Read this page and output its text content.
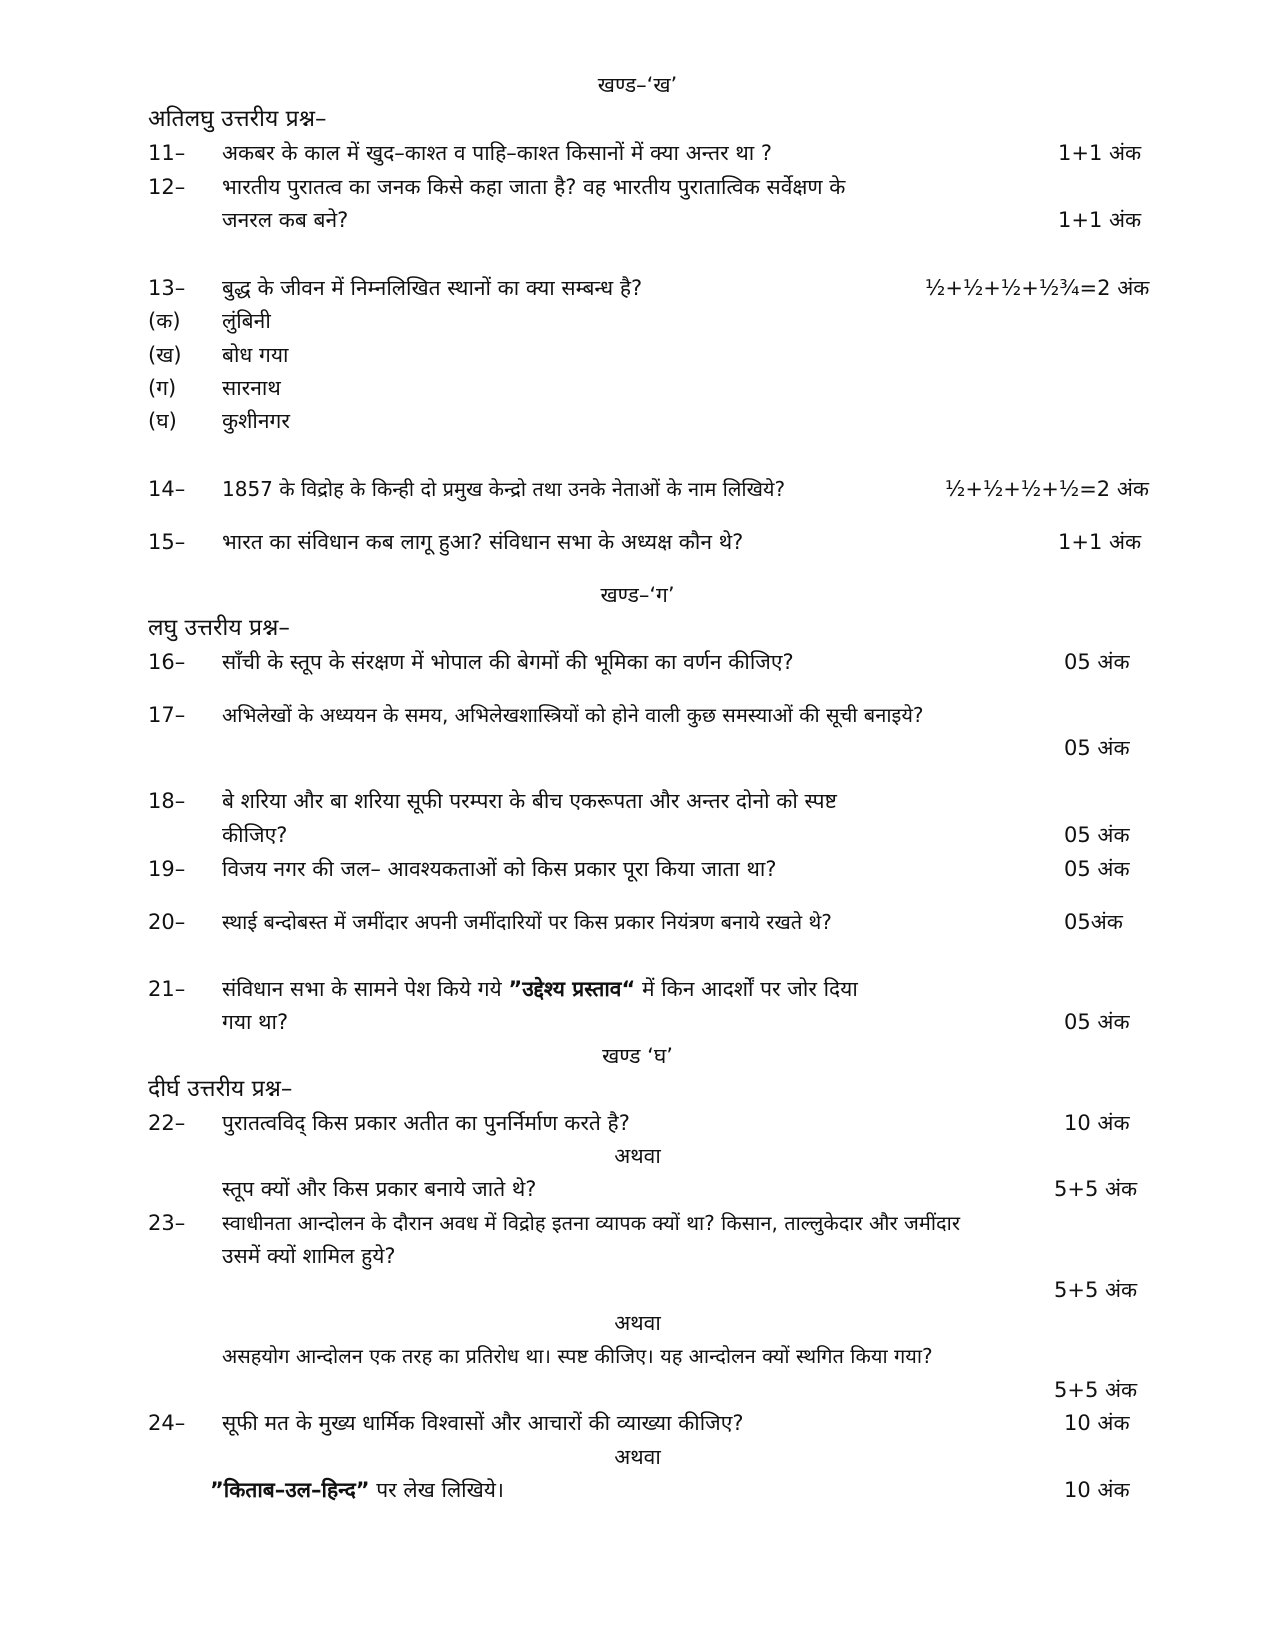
खण्ड–‘ख’
अतिलघु उत्तरीय प्रश्न–
11– अकबर के काल में खुद–काश्त व पाहि–काश्त किसानों में क्या अन्तर था ?	1+1 अंक
12– भारतीय पुरातत्व का जनक किसे कहा जाता है? वह भारतीय पुरातात्विक सर्वेक्षण के
जनरल कब बने?	1+1 अंक
13– बुद्ध के जीवन में निम्नलिखित स्थानों का क्या सम्बन्ध है?	½+½+½+½¾=2 अंक
(क) लुंबिनी
(ख) बोध गया
(ग) सारनाथ
(घ) कुशीनगर
14– 1857 के विद्रोह के किन्ही दो प्रमुख केन्द्रो तथा उनके नेताओं के नाम लिखिये?	½+½+½+½=2 अंक
15– भारत का संविधान कब लागू हुआ? संविधान सभा के अध्यक्ष कौन थे?	1+1 अंक
खण्ड–‘ग’
लघु उत्तरीय प्रश्न–
16– साँची के स्तूप के संरक्षण में भोपाल की बेगमों की भूमिका का वर्णन कीजिए?	05 अंक
17– अभिलेखों के अध्ययन के समय, अभिलेखशास्त्रियों को होने वाली कुछ समस्याओं की सूची बनाइये?
05 अंक
18– बे शरिया और बा शरिया सूफी परम्परा के बीच एकरूपता और अन्तर दोनो को स्पष्ट
कीजिए?	05 अंक
19– विजय नगर की जल– आवश्यकताओं को किस प्रकार पूरा किया जाता था?	05 अंक
20– स्थाई बन्दोबस्त में जमींदार अपनी जमींदारियों पर किस प्रकार नियंत्रण बनाये रखते थे?	05अंक
21– संविधान सभा के सामने पेश किये गये ”उद्देश्य प्रस्ताव“ में किन आदर्शों पर जोर दिया
गया था?	05 अंक
खण्ड ‘घ’
दीर्घ उत्तरीय प्रश्न–
22– पुरातत्वविद् किस प्रकार अतीत का पुनर्निर्माण करते है?	10 अंक
अथवा
स्तूप क्यों और किस प्रकार बनाये जाते थे?	5+5 अंक
23– स्वाधीनता आन्दोलन के दौरान अवध में विद्रोह इतना व्यापक क्यों था? किसान, ताल्लुकेदार और जमींदार
उसमें क्यों शामिल हुये?
5+5 अंक
अथवा
असहयोग आन्दोलन एक तरह का प्रतिरोध था। स्पष्ट कीजिए। यह आन्दोलन क्यों स्थगित किया गया?
5+5 अंक
24– सूफी मत के मुख्य धार्मिक विश्वासों और आचारों की व्याख्या कीजिए?	10 अंक
अथवा
”किताब–उल–हिन्द” पर लेख लिखिये।	10 अंक
